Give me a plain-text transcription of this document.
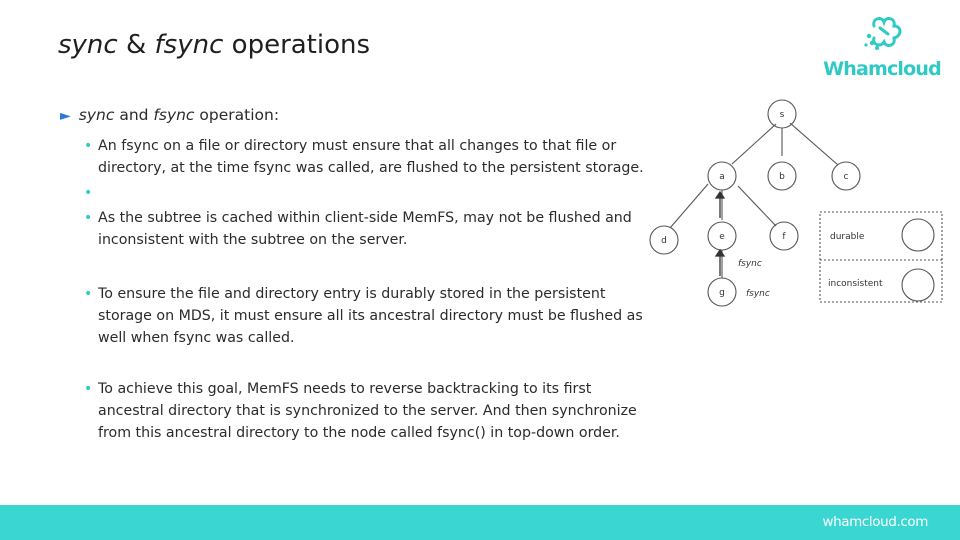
sync & fsync operations
Whamcloud
► sync and fsync operation:
• An fsync on a file or directory must ensure that all changes to that file or directory, at the time fsync was called, are flushed to the persistent storage.
•
• As the subtree is cached within client-side MemFS, may not be flushed and inconsistent with the subtree on the server.
• To ensure the file and directory entry is durably stored in the persistent storage on MDS, it must ensure all its ancestral directory must be flushed as well when fsync was called.
• To achieve this goal, MemFS needs to reverse backtracking to its first ancestral directory that is synchronized to the server. And then synchronize from this ancestral directory to the node called fsync() in top-down order.
s
a	b	c
d	e	f
g
fsync
fsync
durable
inconsistent
whamcloud.com
